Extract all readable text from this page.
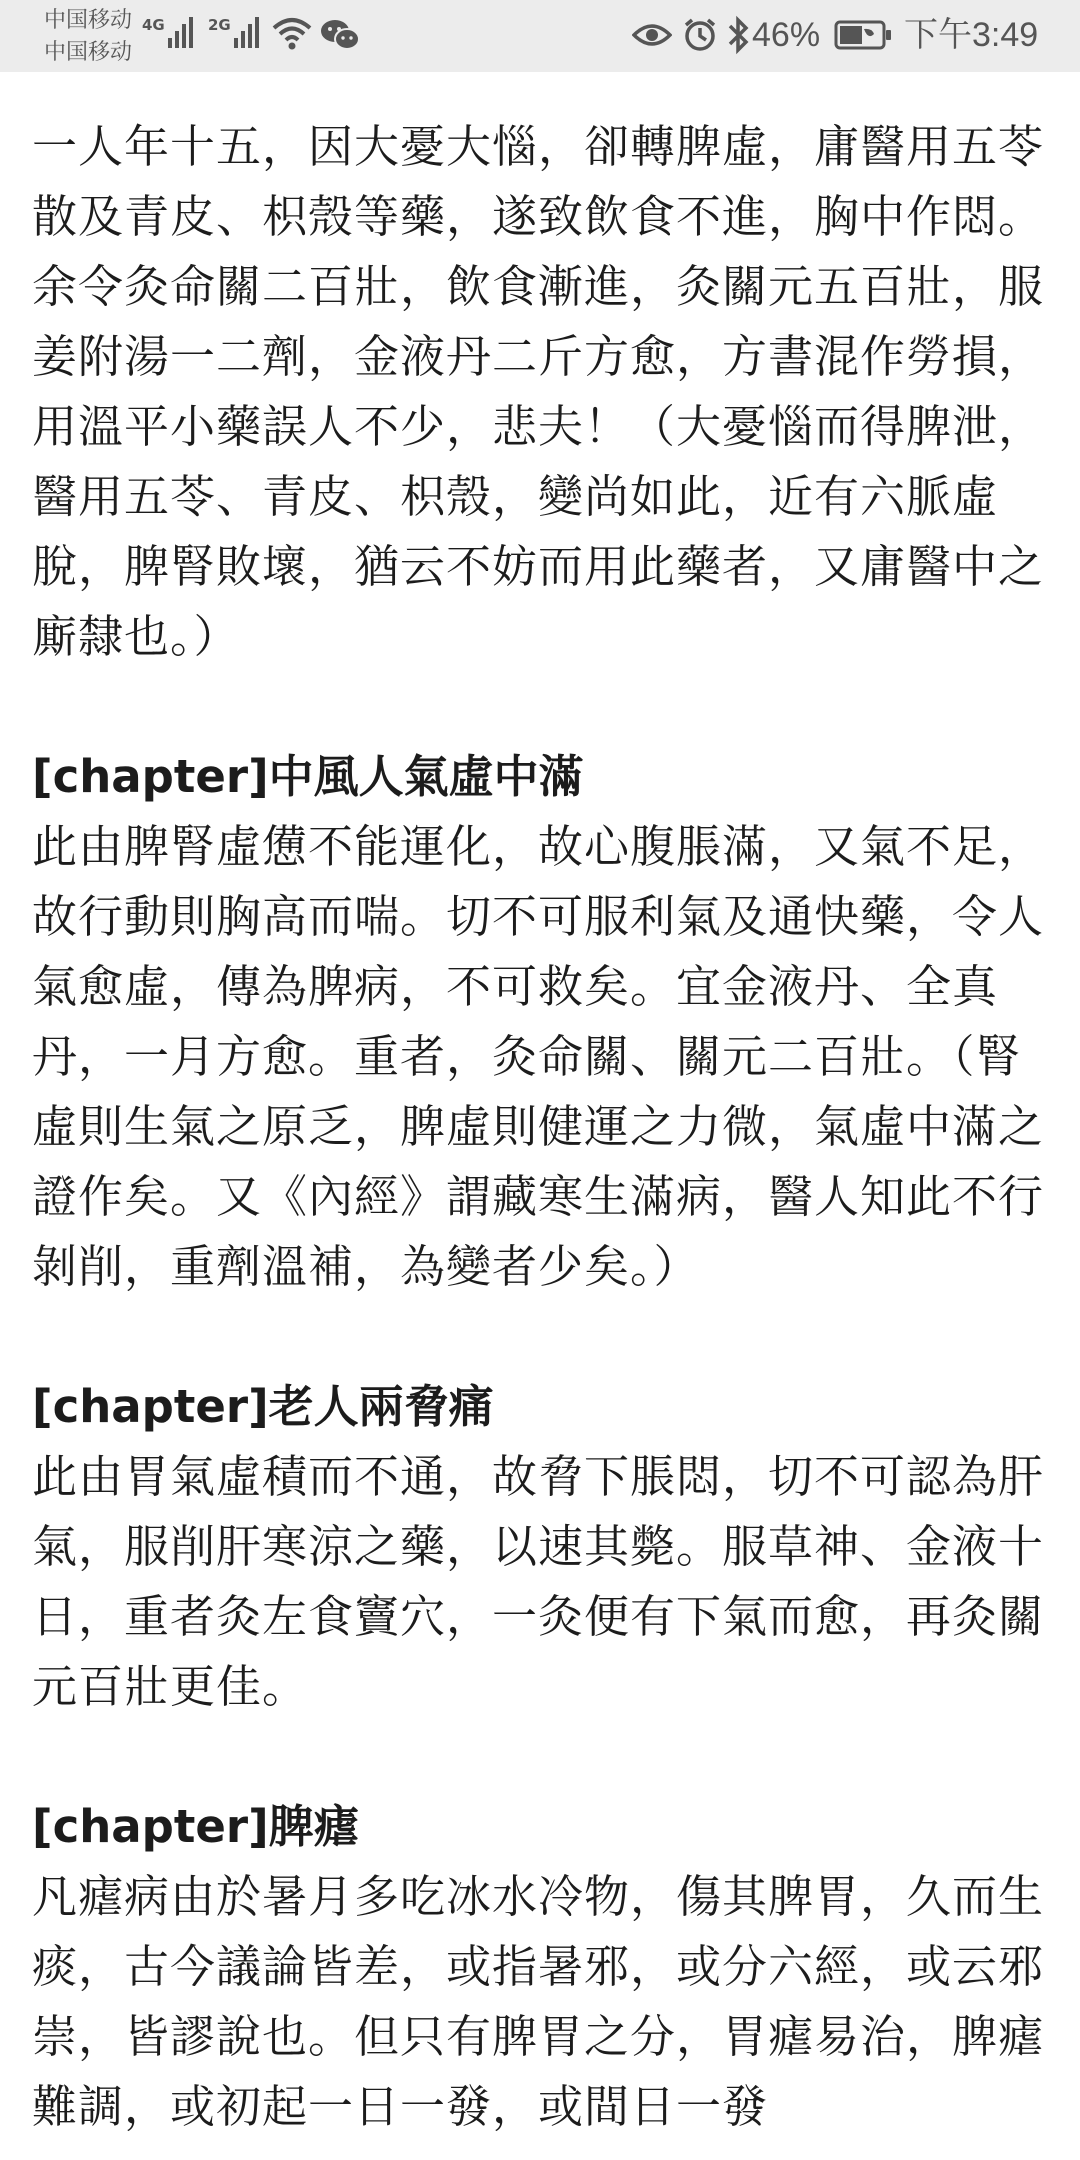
中国移动
中国移动
4G	2G	46% 下午3:49

一人年十五，因大憂大惱，卻轉脾虛，庸醫用五苓散及青皮、枳殼等藥，遂致飲食不進，胸中作悶。余令灸命關二百壯，飲食漸進，灸關元五百壯，服姜附湯一二劑，金液丹二斤方愈，方書混作勞損，用溫平小藥誤人不少，悲夫！（大憂惱而得脾泄，醫用五苓、青皮、枳殼，變尚如此，近有六脈虛脫，脾腎敗壞，猶云不妨而用此藥者，又庸醫中之廝隸也。）

[chapter]中風人氣虛中滿

此由脾腎虛憊不能運化，故心腹脹滿，又氣不足，故行動則胸高而喘。切不可服利氣及通快藥，令人氣愈虛，傳為脾病，不可救矣。宜金液丹、全真丹，一月方愈。重者，灸命關、關元二百壯。（腎虛則生氣之原乏，脾虛則健運之力微，氣虛中滿之證作矣。又《內經》謂藏寒生滿病，醫人知此不行剝削，重劑溫補，為變者少矣。）

[chapter]老人兩脅痛

此由胃氣虛積而不通，故脅下脹悶，切不可認為肝氣，服削肝寒涼之藥，以速其斃。服草神、金液十日，重者灸左食竇穴，一灸便有下氣而愈，再灸關元百壯更佳。

[chapter]脾瘧

凡瘧病由於暑月多吃冰水冷物，傷其脾胃，久而生痰，古今議論皆差，或指暑邪，或分六經，或云邪崇，皆謬說也。但只有脾胃之分，胃瘧易治，脾瘧難調，或初起一日一發，或間日一發
